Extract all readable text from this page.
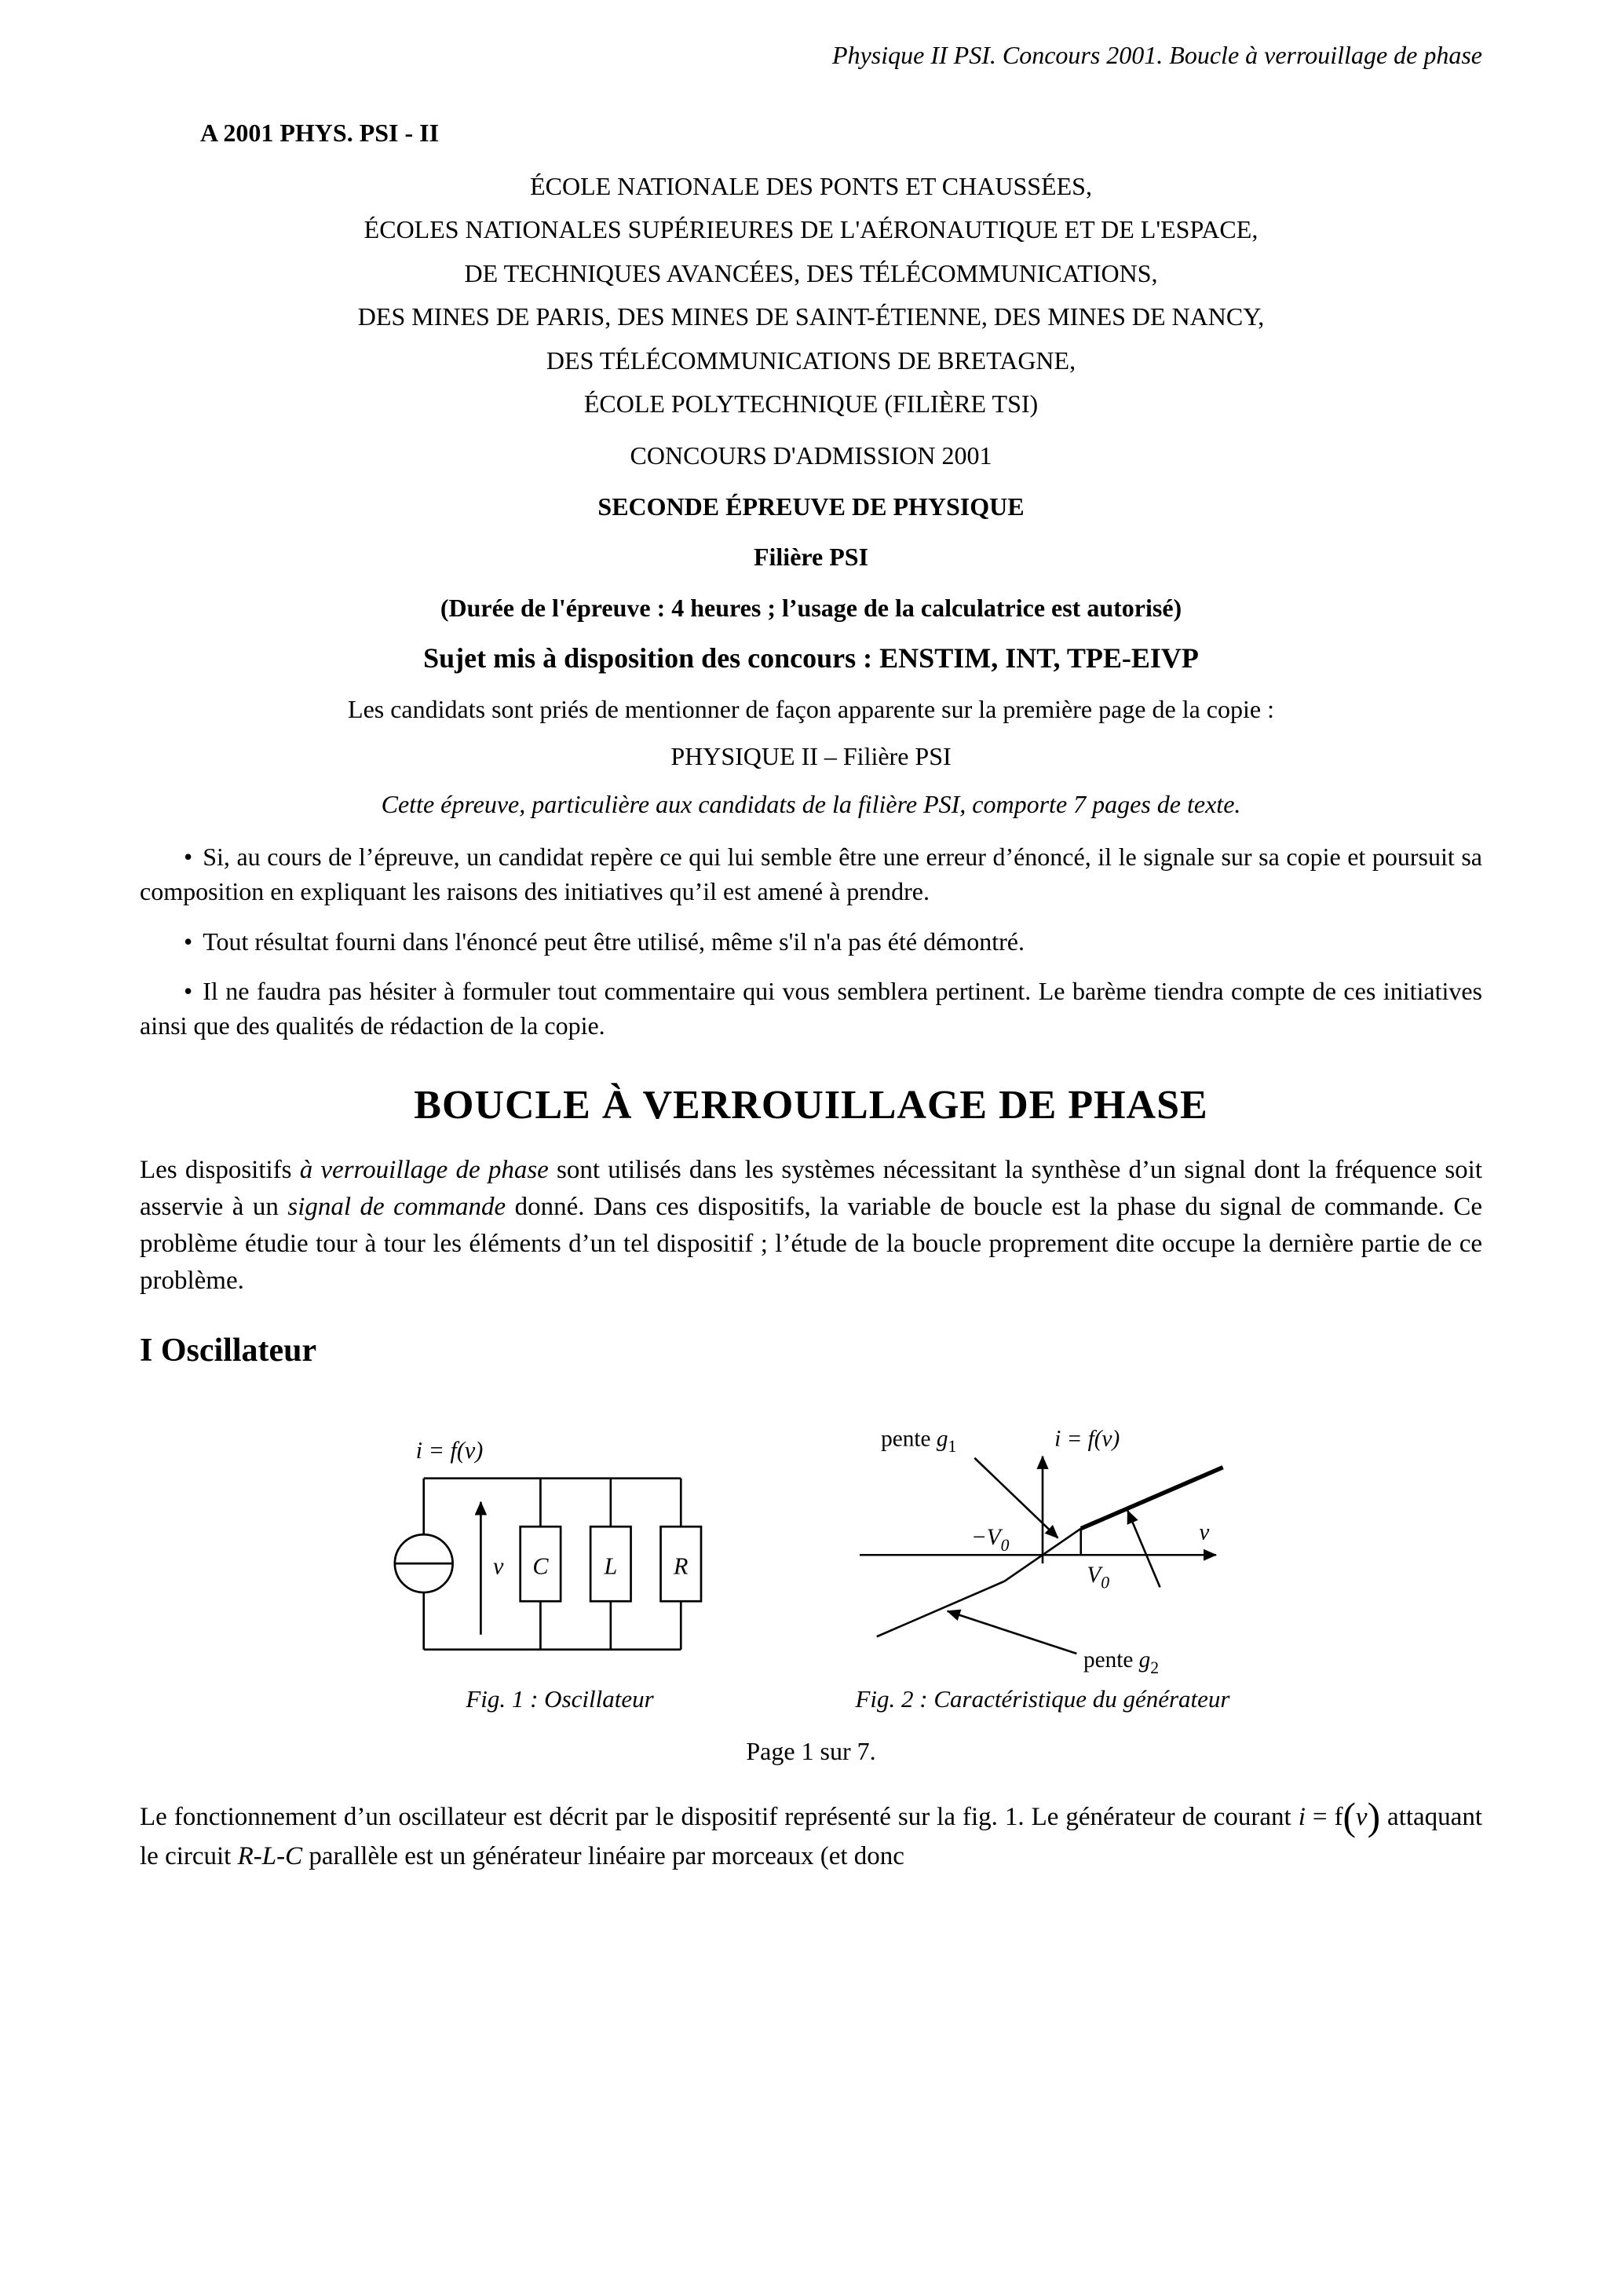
Physique II PSI. Concours 2001. Boucle à verrouillage de phase
A 2001 PHYS. PSI - II
ÉCOLE NATIONALE DES PONTS ET CHAUSSÉES,
ÉCOLES NATIONALES SUPÉRIEURES DE L'AÉRONAUTIQUE ET DE L'ESPACE,
DE TECHNIQUES AVANCÉES, DES TÉLÉCOMMUNICATIONS,
DES MINES DE PARIS, DES MINES DE SAINT-ÉTIENNE, DES MINES DE NANCY,
DES TÉLÉCOMMUNICATIONS DE BRETAGNE,
ÉCOLE POLYTECHNIQUE (FILIÈRE TSI)
CONCOURS D'ADMISSION 2001
SECONDE ÉPREUVE DE PHYSIQUE
Filière PSI
(Durée de l'épreuve : 4 heures ; l’usage de la calculatrice est autorisé)
Sujet mis à disposition des concours : ENSTIM, INT, TPE-EIVP
Les candidats sont priés de mentionner de façon apparente sur la première page de la copie :
PHYSIQUE II – Filière PSI
Cette épreuve, particulière aux candidats de la filière PSI, comporte 7 pages de texte.

• Si, au cours de l’épreuve, un candidat repère ce qui lui semble être une erreur d’énoncé, il le signale sur sa copie et poursuit sa composition en expliquant les raisons des initiatives qu’il est amené à prendre.

• Tout résultat fourni dans l'énoncé peut être utilisé, même s'il n'a pas été démontré.

• Il ne faudra pas hésiter à formuler tout commentaire qui vous semblera pertinent. Le barème tiendra compte de ces initiatives ainsi que des qualités de rédaction de la copie.

BOUCLE À VERROUILLAGE DE PHASE

Les dispositifs à verrouillage de phase sont utilisés dans les systèmes nécessitant la synthèse d’un signal dont la fréquence soit asservie à un signal de commande donné. Dans ces dispositifs, la variable de boucle est la phase du signal de commande. Ce problème étudie tour à tour les éléments d’un tel dispositif ; l’étude de la boucle proprement dite occupe la dernière partie de ce problème.

I Oscillateur
i = f(v)
v C	L	R
Fig. 1 : Oscillateur
pente $g_1$	i = f(v)
v
$-V_0$
$V_0$
pente $g_2$
Fig. 2 : Caractéristique du générateur

Le fonctionnement d’un oscillateur est décrit par le dispositif représenté sur la fig. 1. Le générateur de courant i = f(v) attaquant le circuit R-L-C parallèle est un générateur linéaire par morceaux (et donc

Page 1 sur 7.
